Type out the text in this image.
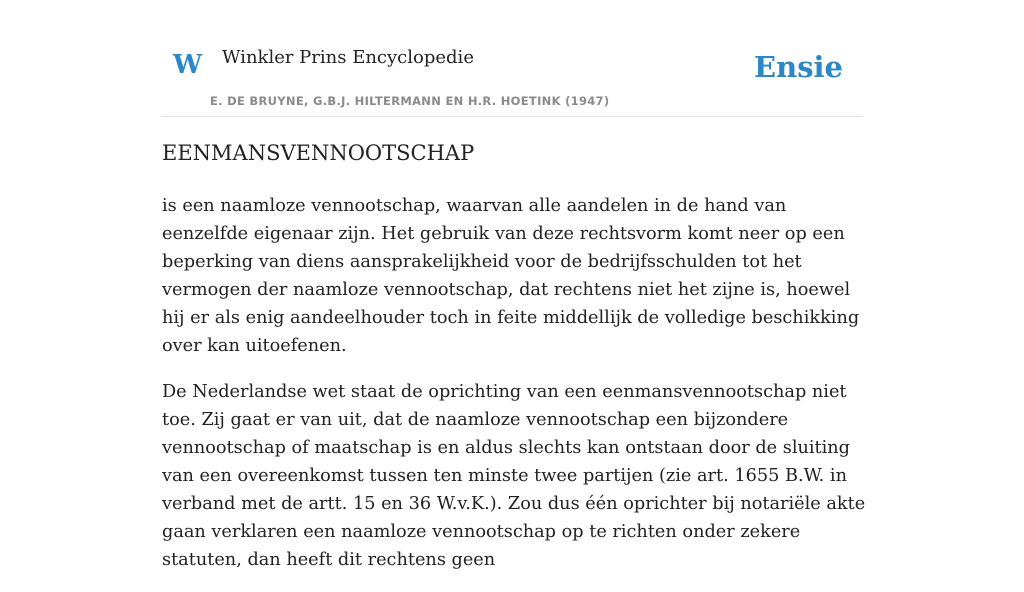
W Winkler Prins Encyclopedie
E. DE BRUYNE, G.B.J. HILTERMANN EN H.R. HOETINK (1947)
Ensie
EENMANSVENNOOTSCHAP

is een naamloze vennootschap, waarvan alle aandelen in de hand van eenzelfde eigenaar zijn. Het gebruik van deze rechtsvorm komt neer op een beperking van diens aansprakelijkheid voor de bedrijfsschulden tot het vermogen der naamloze vennootschap, dat rechtens niet het zijne is, hoewel hij er als enig aandeelhouder toch in feite middellijk de volledige beschikking over kan uitoefenen.

De Nederlandse wet staat de oprichting van een eenmansvennootschap niet toe. Zij gaat er van uit, dat de naamloze vennootschap een bijzondere vennootschap of maatschap is en aldus slechts kan ontstaan door de sluiting van een overeenkomst tussen ten minste twee partijen (zie art. 1655 B.W. in verband met de artt. 15 en 36 W.v.K.). Zou dus één oprichter bij notariële akte gaan verklaren een naamloze vennootschap op te richten onder zekere statuten, dan heeft dit rechtens geen
